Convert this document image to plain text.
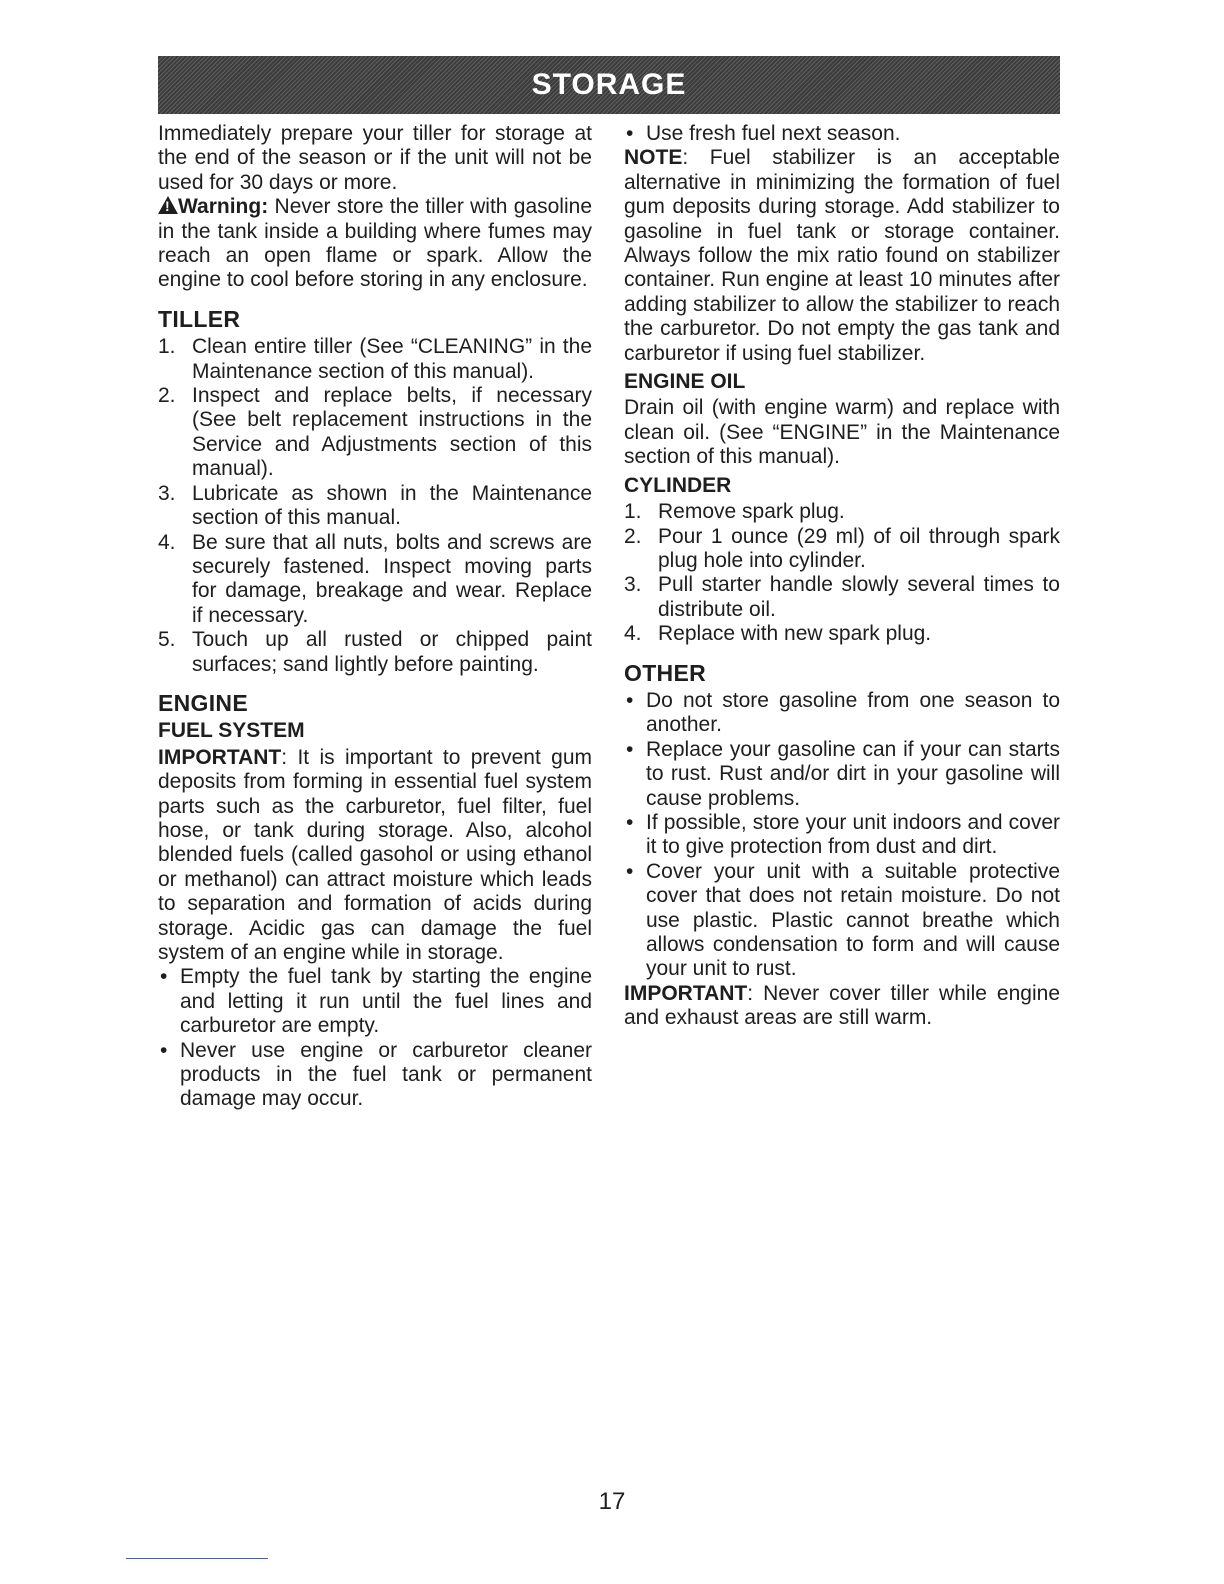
STORAGE

Immediately prepare your tiller for storage at the end of the season or if the unit will not be used for 30 days or more.

!Warning: Never store the tiller with gasoline in the tank inside a building where fumes may reach an open flame or spark. Allow the engine to cool before storing in any enclosure.

TILLER
1. Clean entire tiller (See “CLEANING” in the Maintenance section of this manual).
2. Inspect and replace belts, if necessary (See belt replacement instructions in the Service and Adjustments section of this manual).
3. Lubricate as shown in the Maintenance section of this manual.
4. Be sure that all nuts, bolts and screws are securely fastened. Inspect moving parts for damage, breakage and wear. Replace if necessary.
5. Touch up all rusted or chipped paint surfaces; sand lightly before painting.
ENGINE
FUEL SYSTEM

IMPORTANT: It is important to prevent gum deposits from forming in essential fuel system parts such as the carburetor, fuel filter, fuel hose, or tank during storage. Also, alcohol blended fuels (called gasohol or using ethanol or methanol) can attract moisture which leads to separation and formation of acids during storage. Acidic gas can damage the fuel system of an engine while in storage.

• Empty the fuel tank by starting the engine and letting it run until the fuel lines and carburetor are empty.
• Never use engine or carburetor cleaner products in the fuel tank or permanent damage may occur.
• Use fresh fuel next season.

NOTE: Fuel stabilizer is an acceptable alternative in minimizing the formation of fuel gum deposits during storage. Add stabilizer to gasoline in fuel tank or storage container. Always follow the mix ratio found on stabilizer container. Run engine at least 10 minutes after adding stabilizer to allow the stabilizer to reach the carburetor. Do not empty the gas tank and carburetor if using fuel stabilizer.

ENGINE OIL

Drain oil (with engine warm) and replace with clean oil. (See “ENGINE” in the Maintenance section of this manual).

CYLINDER
1. Remove spark plug.
2. Pour 1 ounce (29 ml) of oil through spark plug hole into cylinder.
3. Pull starter handle slowly several times to distribute oil.
4. Replace with new spark plug.
OTHER
• Do not store gasoline from one season to another.
• Replace your gasoline can if your can starts to rust. Rust and/or dirt in your gasoline will cause problems.
• If possible, store your unit indoors and cover it to give protection from dust and dirt.
• Cover your unit with a suitable protective cover that does not retain moisture. Do not use plastic. Plastic cannot breathe which allows condensation to form and will cause your unit to rust.

IMPORTANT: Never cover tiller while engine and exhaust areas are still warm.

17
